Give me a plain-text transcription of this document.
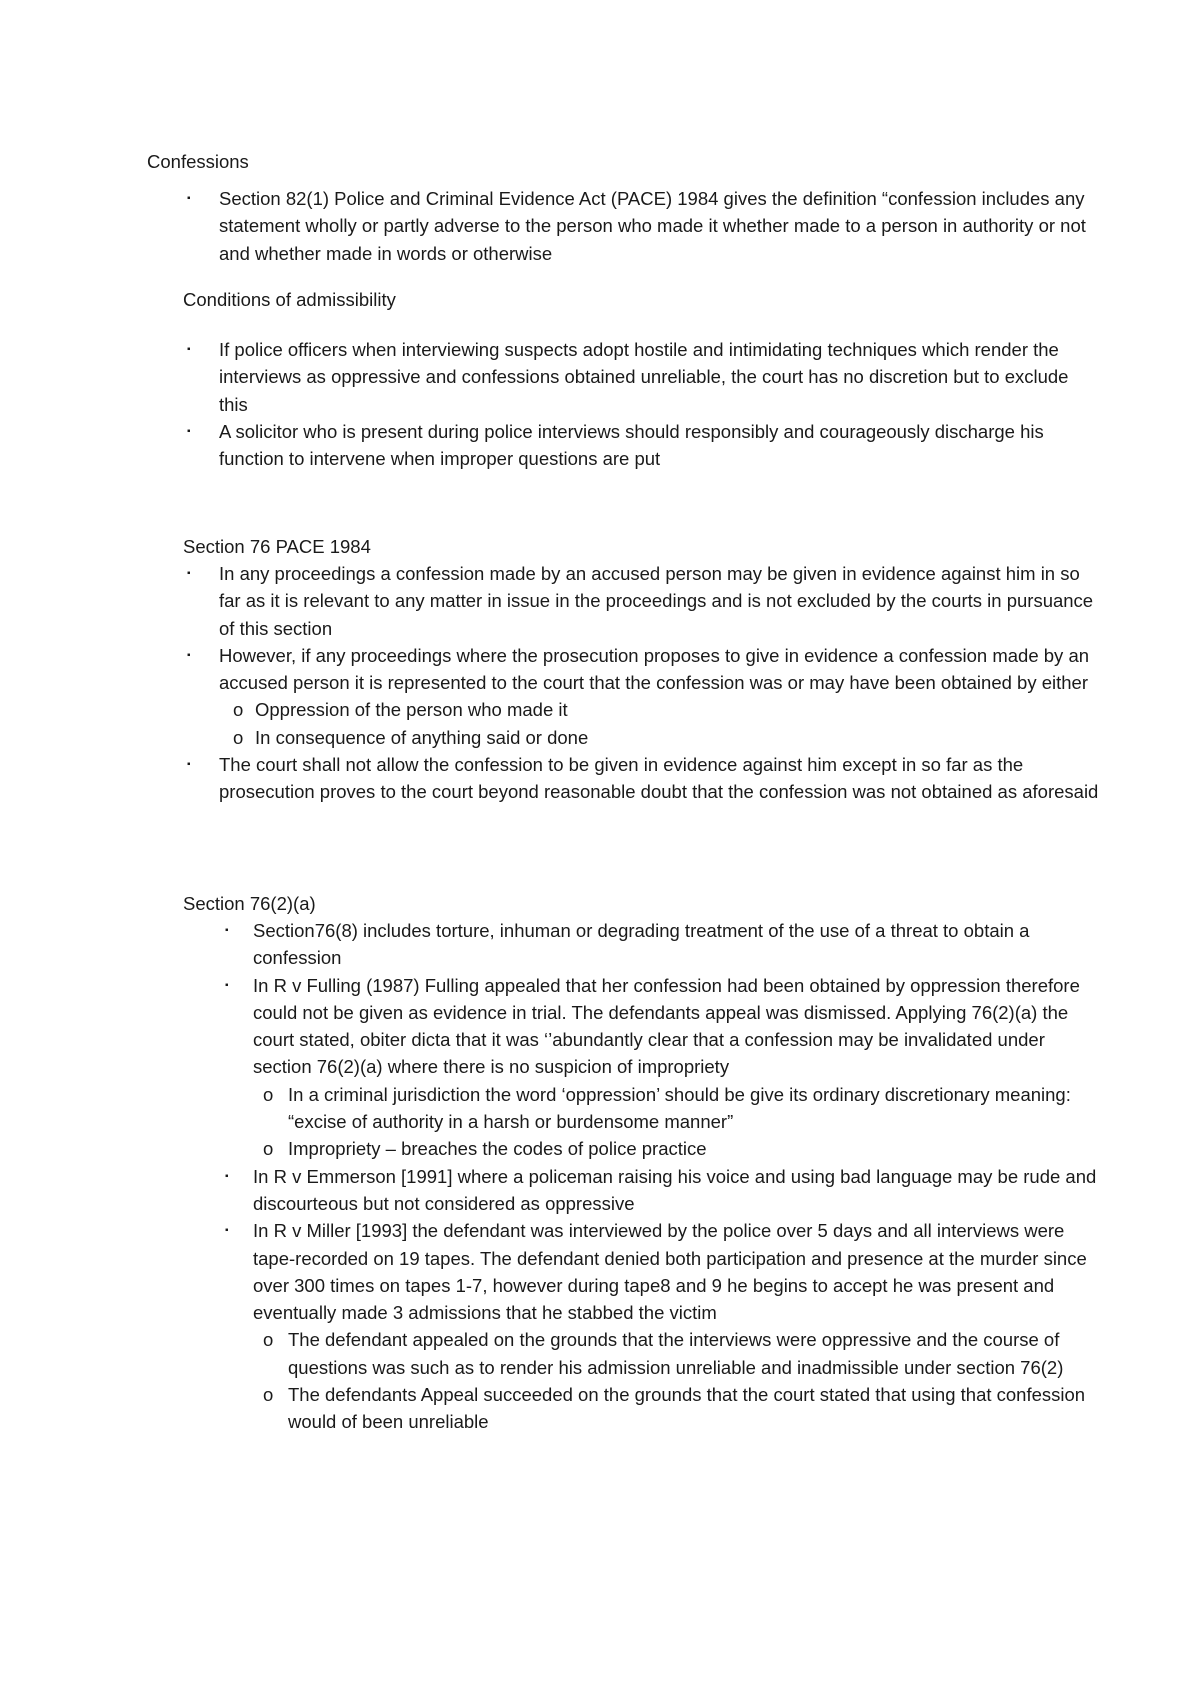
Confessions
▪ Section 82(1) Police and Criminal Evidence Act (PACE) 1984 gives the definition “confession includes any statement wholly or partly adverse to the person who made it whether made to a person in authority or not and whether made in words or otherwise
Conditions of admissibility
▪ If police officers when interviewing suspects adopt hostile and intimidating techniques which render the interviews as oppressive and confessions obtained unreliable, the court has no discretion but to exclude this
▪ A solicitor who is present during police interviews should responsibly and courageously discharge his function to intervene when improper questions are put
Section 76 PACE 1984
▪ In any proceedings a confession made by an accused person may be given in evidence against him in so far as it is relevant to any matter in issue in the proceedings and is not excluded by the courts in pursuance of this section
▪ However, if any proceedings where the prosecution proposes to give in evidence a confession made by an accused person it is represented to the court that the confession was or may have been obtained by either
o Oppression of the person who made it
o In consequence of anything said or done
▪ The court shall not allow the confession to be given in evidence against him except in so far as the prosecution proves to the court beyond reasonable doubt that the confession was not obtained as aforesaid
Section 76(2)(a)
▪ Section76(8) includes torture, inhuman or degrading treatment of the use of a threat to obtain a confession
▪ In R v Fulling (1987) Fulling appealed that her confession had been obtained by oppression therefore could not be given as evidence in trial. The defendants appeal was dismissed. Applying 76(2)(a) the court stated, obiter dicta that it was ‘’abundantly clear that a confession may be invalidated under section 76(2)(a) where there is no suspicion of impropriety
o In a criminal jurisdiction the word ‘oppression’ should be give its ordinary discretionary meaning: “excise of authority in a harsh or burdensome manner”
o Impropriety – breaches the codes of police practice
▪ In R v Emmerson [1991] where a policeman raising his voice and using bad language may be rude and discourteous but not considered as oppressive
▪ In R v Miller [1993] the defendant was interviewed by the police over 5 days and all interviews were tape-recorded on 19 tapes. The defendant denied both participation and presence at the murder since over 300 times on tapes 1-7, however during tape8 and 9 he begins to accept he was present and eventually made 3 admissions that he stabbed the victim
o The defendant appealed on the grounds that the interviews were oppressive and the course of questions was such as to render his admission unreliable and inadmissible under section 76(2)
o The defendants Appeal succeeded on the grounds that the court stated that using that confession would of been unreliable
